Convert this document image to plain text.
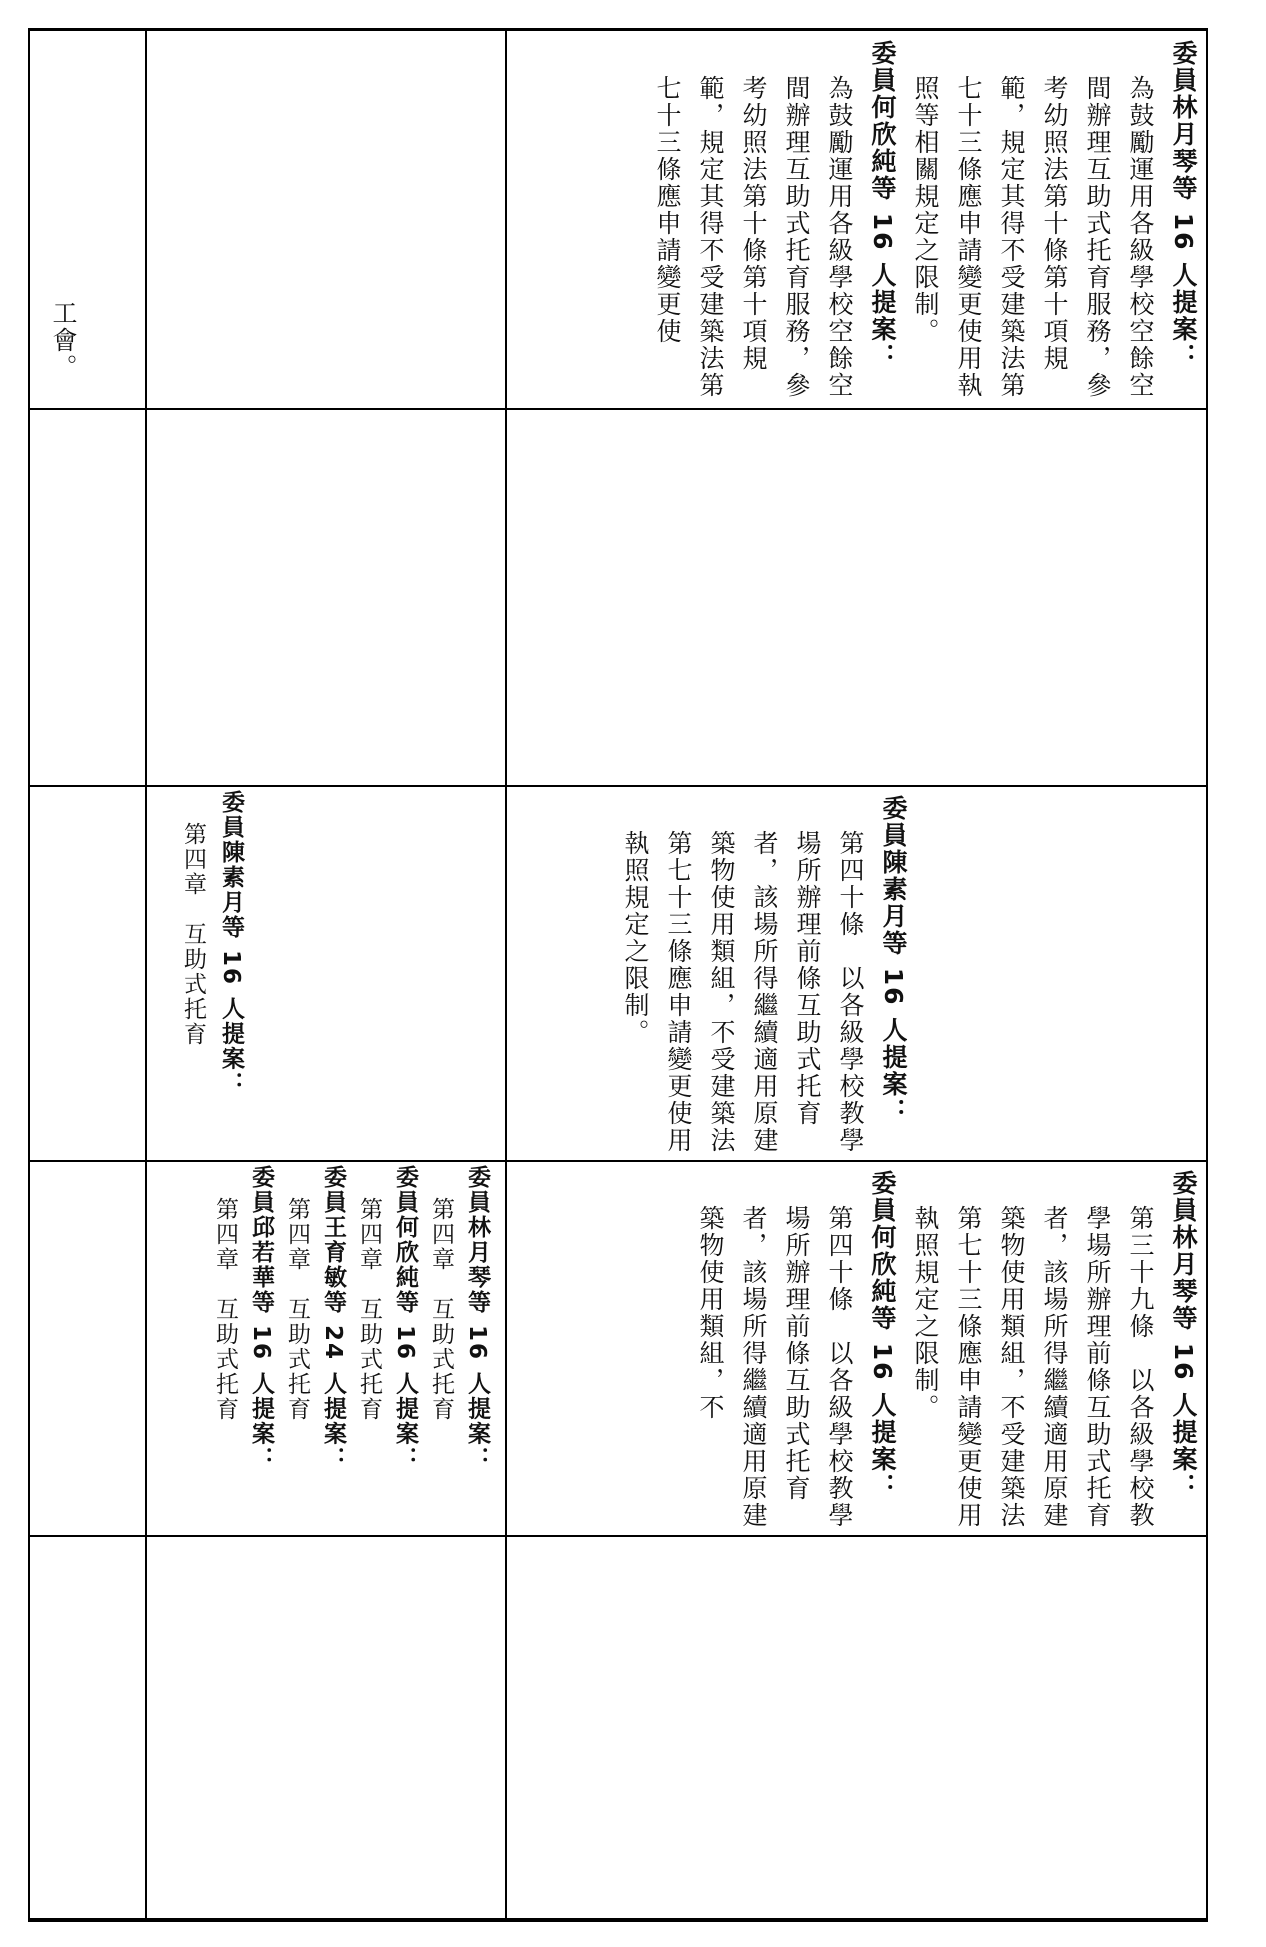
工會。
委員林月琴等 16 人提案：
第四章　互助式托育
委員何欣純等 16 人提案：
第四章　互助式托育
委員王育敏等 24 人提案：
第四章　互助式托育
委員邱若華等 16 人提案：
第四章　互助式托育
委員陳素月等 16 人提案：
第四章　互助式托育
委員林月琴等 16 人提案：
為鼓勵運用各級學校空餘空間辦理互助式托育服務，參考幼照法第十條第十項規範，規定其得不受建築法第七十三條應申請變更使用執照等相關規定之限制。
委員何欣純等 16 人提案：
為鼓勵運用各級學校空餘空間辦理互助式托育服務，參考幼照法第十條第十項規範，規定其得不受建築法第七十三條應申請變更使
委員陳素月等 16 人提案：
第四十條　以各級學校教學場所辦理前條互助式托育者，該場所得繼續適用原建築物使用類組，不受建築法第七十三條應申請變更使用執照規定之限制。
委員林月琴等 16 人提案：
第三十九條　以各級學校教學場所辦理前條互助式托育者，該場所得繼續適用原建築物使用類組，不受建築法第七十三條應申請變更使用執照規定之限制。
委員何欣純等 16 人提案：
第四十條　以各級學校教學場所辦理前條互助式托育者，該場所得繼續適用原建築物使用類組，不
